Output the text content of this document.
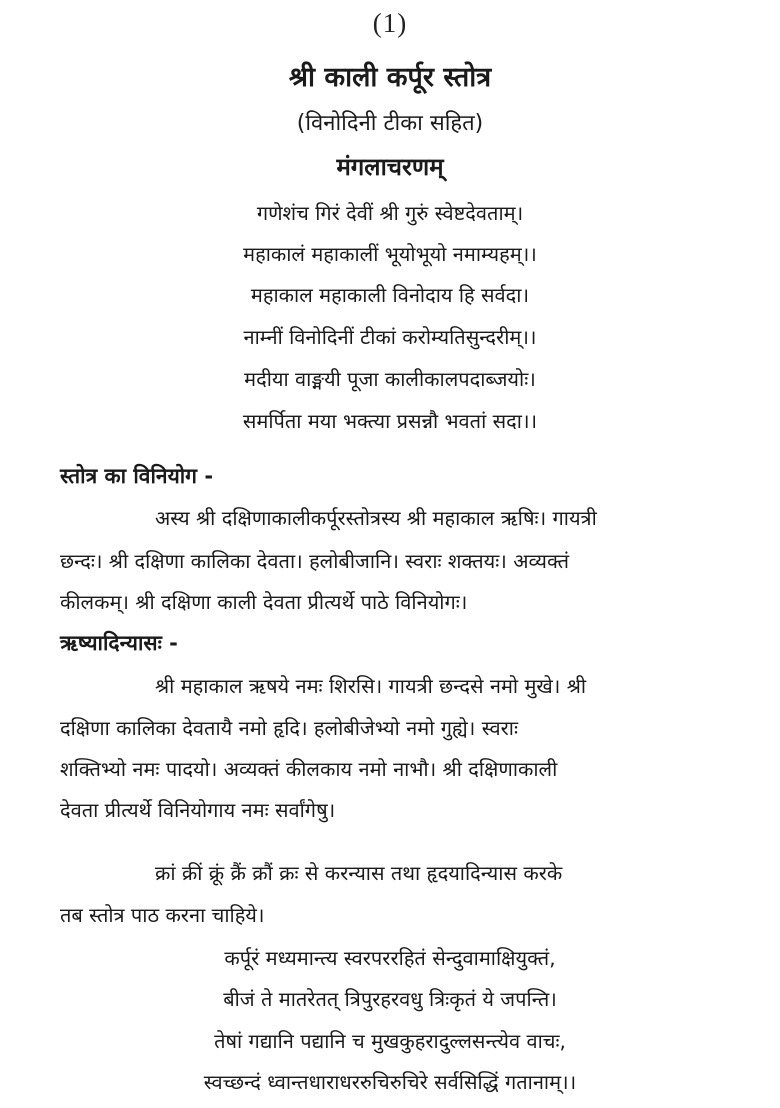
(1)
श्री काली कर्पूर स्तोत्र
(विनोदिनी टीका सहित)
मंगलाचरणम्
गणेशंच गिरं देवीं श्री गुरुं स्वेष्टदेवताम्।
महाकालं महाकालीं भूयोभूयो नमाम्यहम्।।
महाकाल महाकाली विनोदाय हि सर्वदा।
नाम्नीं विनोदिनीं टीकां करोम्यतिसुन्दरीम्।।
मदीया वाङ्मयी पूजा कालीकालपदाब्जयोः।
समर्पिता मया भक्त्या प्रसन्नौ भवतां सदा।।
स्तोत्र का विनियोग -
अस्य श्री दक्षिणाकालीकर्पूरस्तोत्रस्य श्री महाकाल ऋषिः। गायत्री
छन्दः। श्री दक्षिणा कालिका देवता। हलोबीजानि। स्वराः शक्तयः। अव्यक्तं
कीलकम्। श्री दक्षिणा काली देवता प्रीत्यर्थे पाठे विनियोगः।
ऋष्यादिन्यासः -
श्री महाकाल ऋषये नमः शिरसि। गायत्री छन्दसे नमो मुखे। श्री
दक्षिणा कालिका देवतायै नमो हृदि। हलोबीजेभ्यो नमो गुह्ये। स्वराः
शक्तिभ्यो नमः पादयो। अव्यक्तं कीलकाय नमो नाभौ। श्री दक्षिणाकाली
देवता प्रीत्यर्थे विनियोगाय नमः सर्वांगेषु।
क्रां क्रीं क्रूं क्रैं क्रौं क्रः से करन्यास तथा हृदयादिन्यास करके
तब स्तोत्र पाठ करना चाहिये।
कर्पूरं मध्यमान्त्य स्वरपररहितं सेन्दुवामाक्षियुक्तं,
बीजं ते मातरेतत् त्रिपुरहरवधु त्रिःकृतं ये जपन्ति।
तेषां गद्यानि पद्यानि च मुखकुहरादुल्लसन्त्येव वाचः,
स्वच्छन्दं ध्वान्तधाराधररुचिरुचिरे सर्वसिद्धिं गतानाम्।।
